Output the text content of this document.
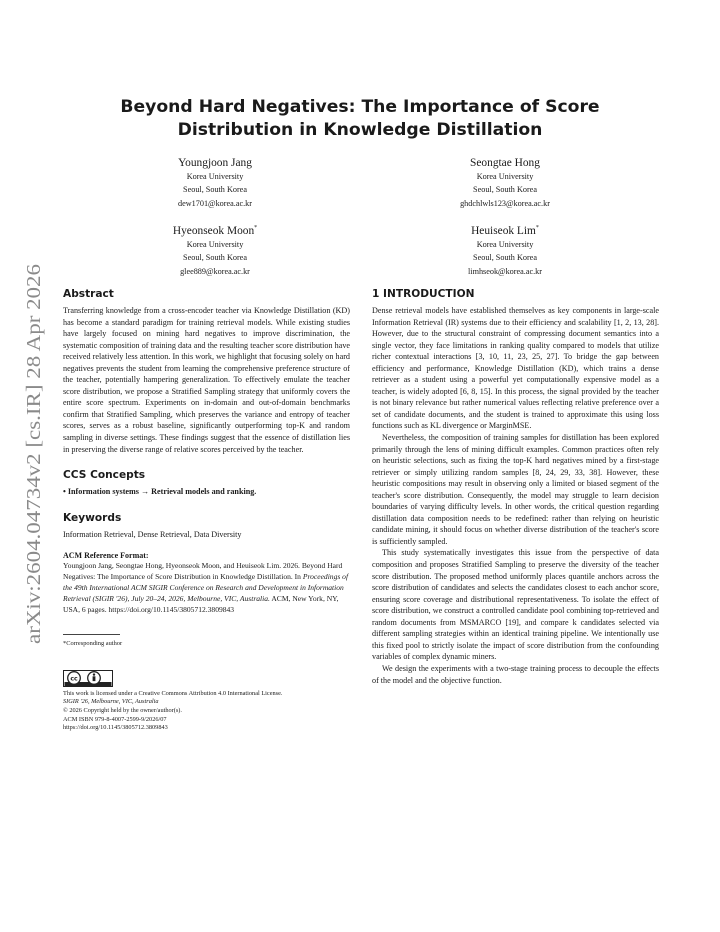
arXiv:2604.04734v2 [cs.IR] 28 Apr 2026
Beyond Hard Negatives: The Importance of Score Distribution in Knowledge Distillation
Youngjoon Jang
Korea University
Seoul, South Korea
dew1701@korea.ac.kr
Seongtae Hong
Korea University
Seoul, South Korea
ghdchlwls123@korea.ac.kr
Hyeonseok Moon*
Korea University
Seoul, South Korea
glee889@korea.ac.kr
Heuiseok Lim*
Korea University
Seoul, South Korea
limhseok@korea.ac.kr
Abstract

Transferring knowledge from a cross-encoder teacher via Knowledge Distillation (KD) has become a standard paradigm for training retrieval models. While existing studies have largely focused on mining hard negatives to improve discrimination, the systematic composition of training data and the resulting teacher score distribution have received relatively less attention. In this work, we highlight that focusing solely on hard negatives prevents the student from learning the comprehensive preference structure of the teacher, potentially hampering generalization. To effectively emulate the teacher score distribution, we propose a Stratified Sampling strategy that uniformly covers the entire score spectrum. Experiments on in-domain and out-of-domain benchmarks confirm that Stratified Sampling, which preserves the variance and entropy of teacher scores, serves as a robust baseline, significantly outperforming top-K and random sampling in diverse settings. These findings suggest that the essence of distillation lies in preserving the diverse range of relative scores perceived by the teacher.

CCS Concepts

• Information systems → Retrieval models and ranking.

Keywords

Information Retrieval, Dense Retrieval, Data Diversity

ACM Reference Format:

Youngjoon Jang, Seongtae Hong, Hyeonseok Moon, and Heuiseok Lim. 2026. Beyond Hard Negatives: The Importance of Score Distribution in Knowledge Distillation. In Proceedings of the 49th International ACM SIGIR Conference on Research and Development in Information Retrieval (SIGIR '26), July 20–24, 2026, Melbourne, VIC, Australia. ACM, New York, NY, USA, 6 pages. https://doi.org/10.1145/3805712.3809843

*Corresponding author

cc
This work is licensed under a Creative Commons Attribution 4.0 International License.
SIGIR '26, Melbourne, VIC, Australia
© 2026 Copyright held by the owner/author(s).
ACM ISBN 979-8-4007-2599-9/2026/07
https://doi.org/10.1145/3805712.3809843
1 INTRODUCTION

Dense retrieval models have established themselves as key components in large-scale Information Retrieval (IR) systems due to their efficiency and scalability [1, 2, 13, 28]. However, due to the structural constraint of compressing document semantics into a single vector, they face limitations in ranking quality compared to models that utilize richer contextual interactions [3, 10, 11, 23, 25, 27]. To bridge the gap between efficiency and performance, Knowledge Distillation (KD), which trains a dense retriever as a student using a powerful yet computationally expensive model as a teacher, is widely adopted [6, 8, 15]. In this process, the signal provided by the teacher is not binary relevance but rather numerical values reflecting relative preference over a set of candidate documents, and the student is trained to approximate this using loss functions such as KL divergence or MarginMSE.

Nevertheless, the composition of training samples for distillation has been explored primarily through the lens of mining difficult examples. Common practices often rely on heuristic selections, such as fixing the top-K hard negatives mined by a first-stage retriever or simply utilizing random samples [8, 24, 29, 33, 38]. However, these heuristic compositions may result in observing only a limited or biased segment of the teacher's score distribution. Consequently, the model may struggle to learn decision boundaries of varying difficulty levels. In other words, the critical question regarding distillation data composition needs to be redefined: rather than relying on heuristic candidate mining, it should focus on whether diverse distribution of the teacher's score is sufficiently sampled.

This study systematically investigates this issue from the perspective of data composition and proposes Stratified Sampling to preserve the diversity of the teacher score distribution. The proposed method uniformly places quantile anchors across the score distribution of candidates and selects the candidates closest to each anchor score, ensuring score coverage and distributional representativeness. To isolate the effect of score distribution, we construct a controlled candidate pool combining top-retrieved and random documents from MSMARCO [19], and compare k candidates selected via different sampling strategies within an identical training pipeline. We intentionally use this fixed pool to strictly isolate the impact of score distribution from the confounding variables of complex dynamic miners.

We design the experiments with a two-stage training process to decouple the effects of the model and the objective function.
